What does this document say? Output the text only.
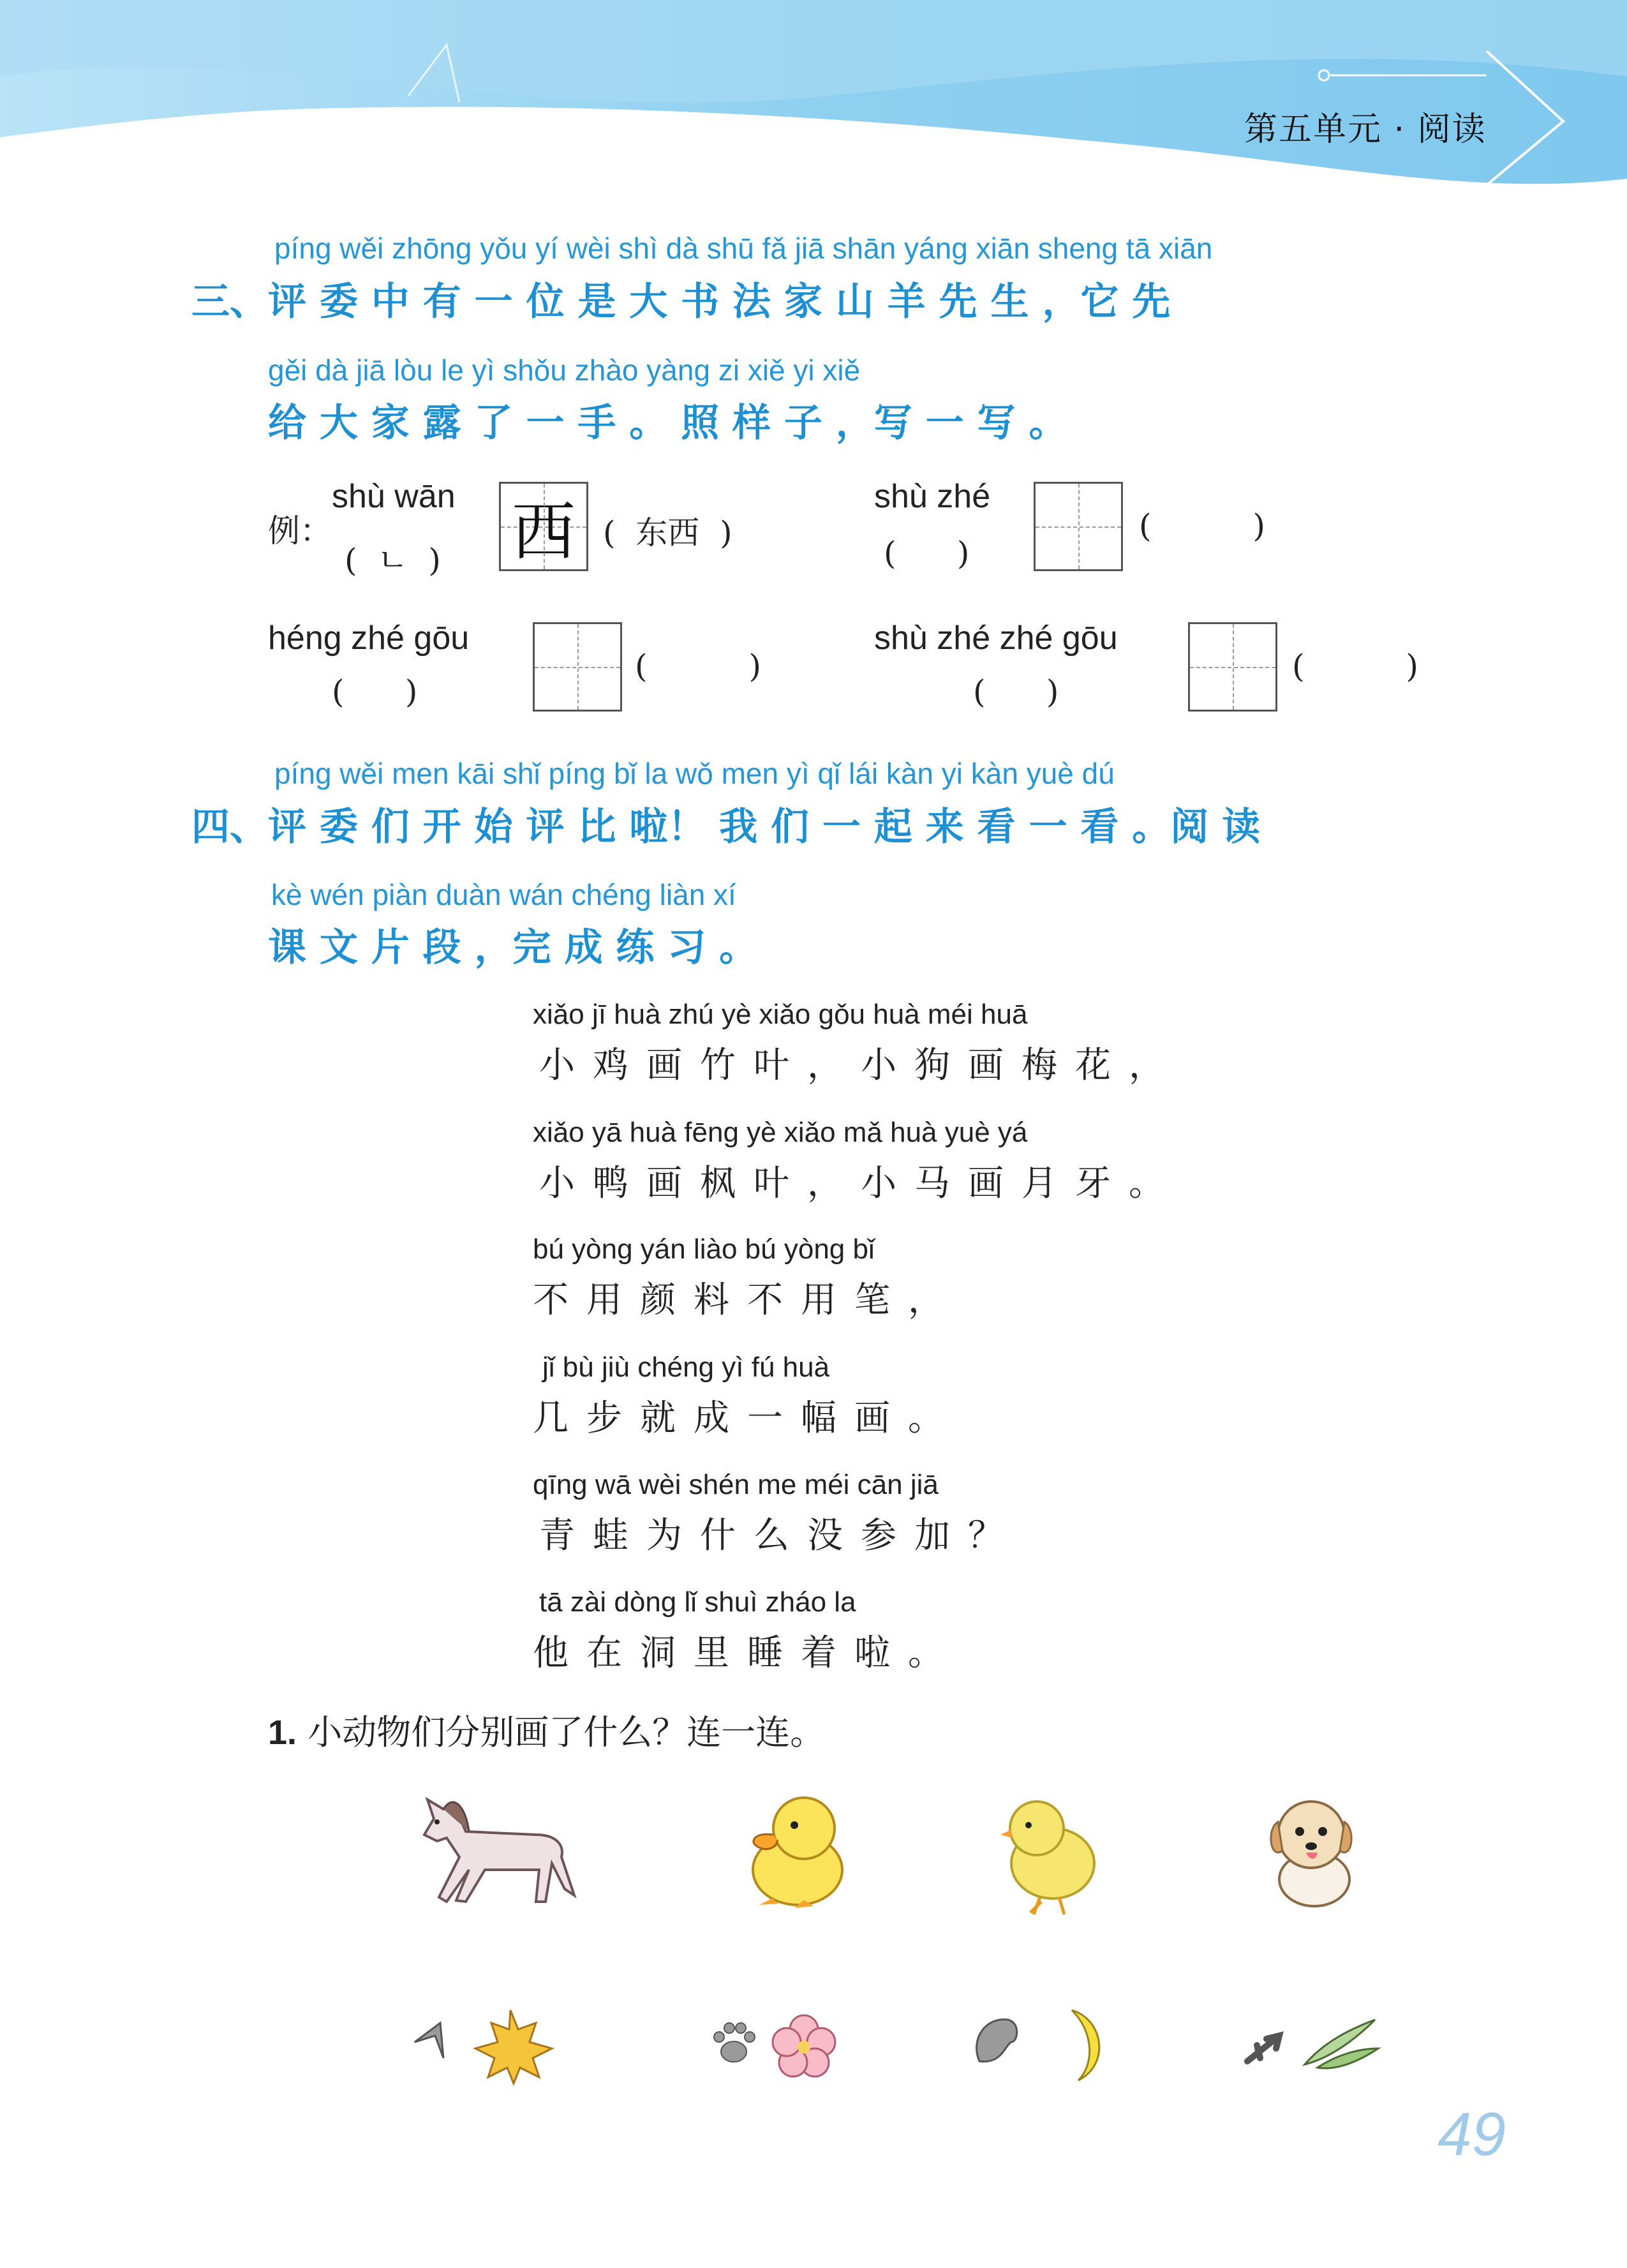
第五单元 · 阅读
píng wěi zhōng yǒu yí wèi shì dà shū fǎ jiā shān yáng xiān sheng tā xiān
三、评 委 中 有 一 位 是 大 书 法 家 山 羊 先 生 ，它 先
gěi dà jiā lòu le yì shǒu zhào yàng zi xiě yi xiě
给 大 家 露 了 一 手 。 照 样 子 ，写 一 写 。
例：
shù wān
(  ㄴ  ) 西 (  东西  )
shù zhé
(      )
(          )
héng zhé gōu
(      )
(          )
shù zhé zhé gōu
(      )
(          )
píng wěi men kāi shǐ píng bǐ la wǒ men yì qǐ lái kàn yi kàn yuè dú
四、评 委 们 开 始 评 比 啦！ 我 们 一 起 来 看 一 看 。阅 读
kè wén piàn duàn wán chéng liàn xí
课 文 片 段 ，完 成 练 习 。
xiǎo jī huà zhú yè xiǎo gǒu huà méi huā
小鸡画竹叶，小狗画梅花，
xiǎo yā huà fēng yè xiǎo mǎ huà yuè yá
小鸭画枫叶，小马画月牙。
bú yòng yán liào bú yòng bǐ
不用颜料不用笔，
jǐ bù jiù chéng yì fú huà
几步就成一幅画。
qīng wā wèi shén me méi cān jiā
青蛙为什么没参加？
tā zài dòng lǐ shuì zháo la
他在洞里睡着啦。
1. 小动物们分别画了什么？连一连。
49
